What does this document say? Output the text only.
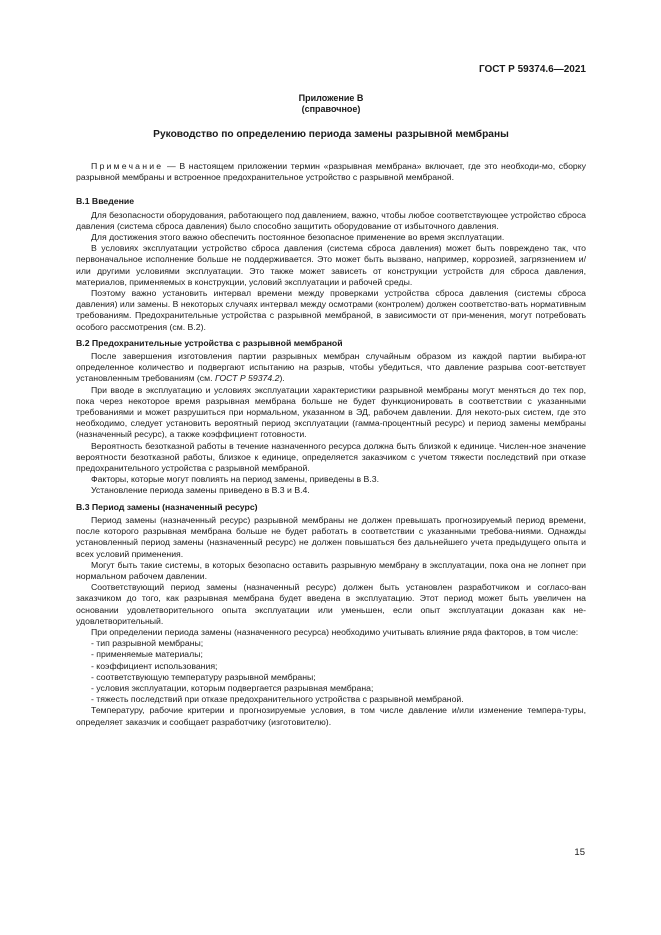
ГОСТ Р 59374.6—2021
Приложение В
(справочное)
Руководство по определению периода замены разрывной мембраны

Примечание — В настоящем приложении термин «разрывная мембрана» включает, где это необходи-мо, сборку разрывной мембраны и встроенное предохранительное устройство с разрывной мембраной.

В.1 Введение

Для безопасности оборудования, работающего под давлением, важно, чтобы любое соответствующее устройство сброса давления (система сброса давления) было способно защитить оборудование от избыточного давления.

Для достижения этого важно обеспечить постоянное безопасное применение во время эксплуатации.

В условиях эксплуатации устройство сброса давления (система сброса давления) может быть повреждено так, что первоначальное исполнение больше не поддерживается. Это может быть вызвано, например, коррозией, загрязнением и/или другими условиями эксплуатации. Это также может зависеть от конструкции устройств для сброса давления, материалов, применяемых в конструкции, условий эксплуатации и рабочей среды.

Поэтому важно установить интервал времени между проверками устройства сброса давления (системы сброса давления) или замены. В некоторых случаях интервал между осмотрами (контролем) должен соответство-вать нормативным требованиям. Предохранительные устройства с разрывной мембраной, в зависимости от при-менения, могут потребовать особого рассмотрения (см. В.2).

В.2 Предохранительные устройства с разрывной мембраной

После завершения изготовления партии разрывных мембран случайным образом из каждой партии выбира-ют определенное количество и подвергают испытанию на разрыв, чтобы убедиться, что давление разрыва соот-ветствует установленным требованиям (см. ГОСТ Р 59374.2).

При вводе в эксплуатацию и условиях эксплуатации характеристики разрывной мембраны могут меняться до тех пор, пока через некоторое время разрывная мембрана больше не будет функционировать в соответствии с указанными требованиями и может разрушиться при нормальном, указанном в ЭД, рабочем давлении. Для некото-рых систем, где это необходимо, следует установить вероятный период эксплуатации (гамма-процентный ресурс) и период замены мембраны (назначенный ресурс), а также коэффициент готовности.

Вероятность безотказной работы в течение назначенного ресурса должна быть близкой к единице. Числен-ное значение вероятности безотказной работы, близкое к единице, определяется заказчиком с учетом тяжести последствий при отказе предохранительного устройства с разрывной мембраной.

Факторы, которые могут повлиять на период замены, приведены в В.3.

Установление периода замены приведено в В.3 и В.4.

В.3 Период замены (назначенный ресурс)

Период замены (назначенный ресурс) разрывной мембраны не должен превышать прогнозируемый период времени, после которого разрывная мембрана больше не будет работать в соответствии с указанными требова-ниями. Однажды установленный период замены (назначенный ресурс) не должен повышаться без дальнейшего учета предыдущего опыта и всех условий применения.

Могут быть такие системы, в которых безопасно оставить разрывную мембрану в эксплуатации, пока она не лопнет при нормальном рабочем давлении.

Соответствующий период замены (назначенный ресурс) должен быть установлен разработчиком и согласо-ван заказчиком до того, как разрывная мембрана будет введена в эксплуатацию. Этот период может быть увеличен на основании удовлетворительного опыта эксплуатации или уменьшен, если опыт эксплуатации доказан как не-удовлетворительный.

При определении периода замены (назначенного ресурса) необходимо учитывать влияние ряда факторов, в том числе:

- тип разрывной мембраны;

- применяемые материалы;

- коэффициент использования;

- соответствующую температуру разрывной мембраны;

- условия эксплуатации, которым подвергается разрывная мембрана;

- тяжесть последствий при отказе предохранительного устройства с разрывной мембраной.

Температуру, рабочие критерии и прогнозируемые условия, в том числе давление и/или изменение темпера-туры, определяет заказчик и сообщает разработчику (изготовителю).

15
